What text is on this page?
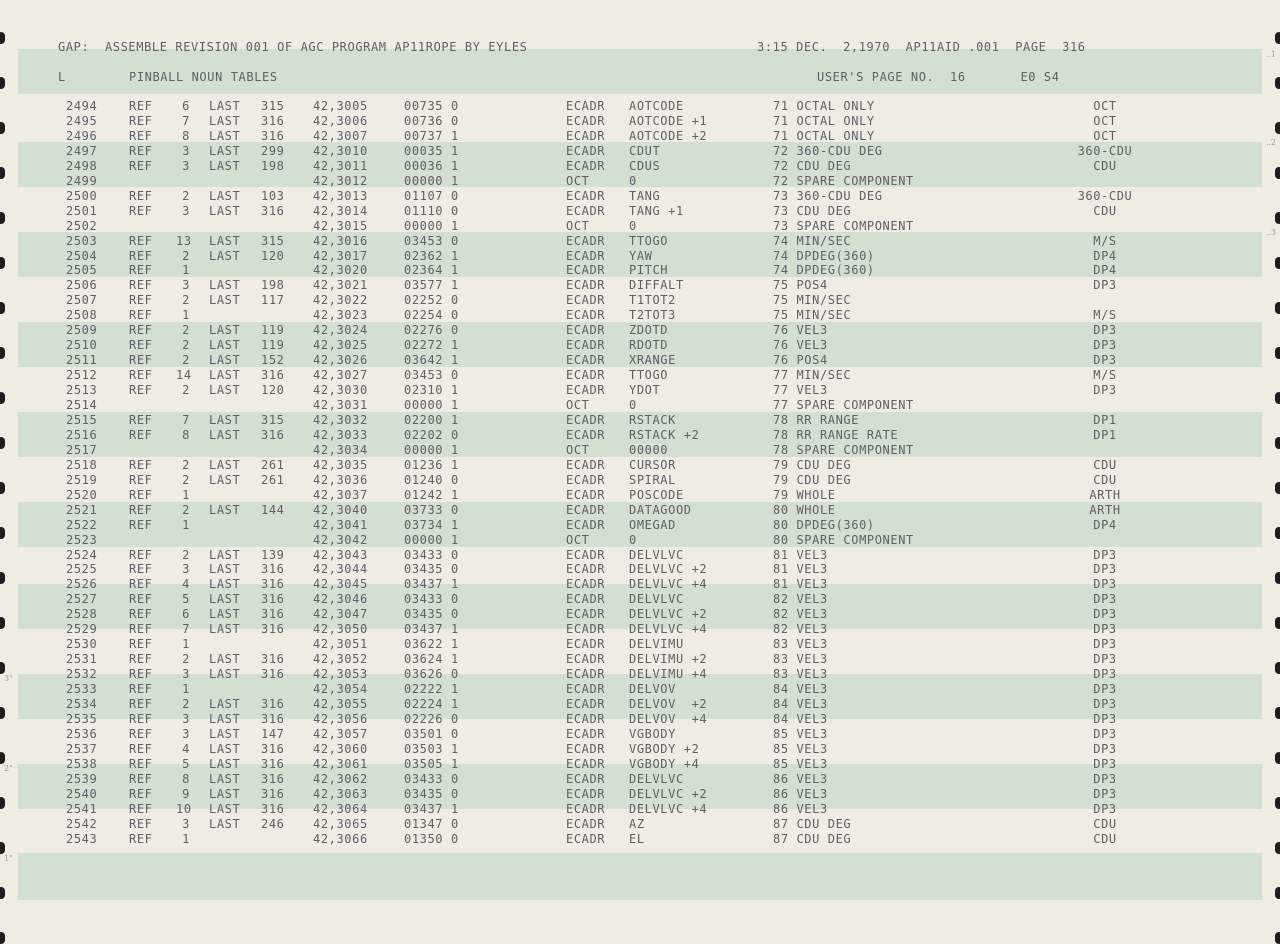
GAP:  ASSEMBLE REVISION 001 OF AGC PROGRAM AP11ROPE BY EYLES	3:15 DEC.  2,1970  AP11AID .001  PAGE  316
L	PINBALL NOUN TABLES	USER'S PAGE NO.  16       E0 S4
2494	REF	6 LAST 315 42,3005	00735 0	ECADR AOTCODE	71 OCTAL ONLY	OCT
2495	REF	7 LAST 316 42,3006	00736 0	ECADR AOTCODE +1	71 OCTAL ONLY	OCT
2496	REF	8 LAST 316 42,3007	00737 1	ECADR AOTCODE +2	71 OCTAL ONLY	OCT
2497	REF	3 LAST 299 42,3010	00035 1	ECADR CDUT	72 360-CDU DEG	360-CDU
2498	REF	3 LAST 198 42,3011	00036 1	ECADR CDUS	72 CDU DEG	CDU
2499	42,3012	00000 1	OCT	0	72 SPARE COMPONENT
2500	REF	2 LAST 103 42,3013	01107 0	ECADR TANG	73 360-CDU DEG	360-CDU
2501	REF	3 LAST 316 42,3014	01110 0	ECADR TANG +1	73 CDU DEG	CDU
2502	42,3015	00000 1	OCT	0	73 SPARE COMPONENT
2503	REF 13 LAST 315 42,3016	03453 0	ECADR TTOGO	74 MIN/SEC	M/S
2504	REF	2 LAST 120 42,3017	02362 1	ECADR YAW	74 DPDEG(360)	DP4
2505	REF	1	42,3020	02364 1	ECADR PITCH	74 DPDEG(360)	DP4
2506	REF	3 LAST 198 42,3021	03577 1	ECADR DIFFALT	75 POS4	DP3
2507	REF	2 LAST 117 42,3022	02252 0	ECADR T1TOT2	75 MIN/SEC
2508	REF	1	42,3023	02254 0	ECADR T2TOT3	75 MIN/SEC	M/S
2509	REF	2 LAST 119 42,3024	02276 0	ECADR ZDOTD	76 VEL3	DP3
2510	REF	2 LAST 119 42,3025	02272 1	ECADR RDOTD	76 VEL3	DP3
2511	REF	2 LAST 152 42,3026	03642 1	ECADR XRANGE	76 POS4	DP3
2512	REF 14 LAST 316 42,3027	03453 0	ECADR TTOGO	77 MIN/SEC	M/S
2513	REF	2 LAST 120 42,3030	02310 1	ECADR YDOT	77 VEL3	DP3
2514	42,3031	00000 1	OCT	0	77 SPARE COMPONENT
2515	REF	7 LAST 315 42,3032	02200 1	ECADR RSTACK	78 RR RANGE	DP1
2516	REF	8 LAST 316 42,3033	02202 0	ECADR RSTACK +2	78 RR RANGE RATE	DP1
2517	42,3034	00000 1	OCT	00000	78 SPARE COMPONENT
2518	REF	2 LAST 261 42,3035	01236 1	ECADR CURSOR	79 CDU DEG	CDU
2519	REF	2 LAST 261 42,3036	01240 0	ECADR SPIRAL	79 CDU DEG	CDU
2520	REF	1	42,3037	01242 1	ECADR POSCODE	79 WHOLE	ARTH
2521	REF	2 LAST 144 42,3040	03733 0	ECADR DATAGOOD	80 WHOLE	ARTH
2522	REF	1	42,3041	03734 1	ECADR OMEGAD	80 DPDEG(360)	DP4
2523	42,3042	00000 1	OCT	0	80 SPARE COMPONENT
2524	REF	2 LAST 139 42,3043	03433 0	ECADR DELVLVC	81 VEL3	DP3
2525	REF	3 LAST 316 42,3044	03435 0	ECADR DELVLVC +2	81 VEL3	DP3
2526	REF	4 LAST 316 42,3045	03437 1	ECADR DELVLVC +4	81 VEL3	DP3
2527	REF	5 LAST 316 42,3046	03433 0	ECADR DELVLVC	82 VEL3	DP3
2528	REF	6 LAST 316 42,3047	03435 0	ECADR DELVLVC +2	82 VEL3	DP3
2529	REF	7 LAST 316 42,3050	03437 1	ECADR DELVLVC +4	82 VEL3	DP3
2530	REF	1	42,3051	03622 1	ECADR DELVIMU	83 VEL3	DP3
2531	REF	2 LAST 316 42,3052	03624 1	ECADR DELVIMU +2	83 VEL3	DP3
2532	REF	3 LAST 316 42,3053	03626 0	ECADR DELVIMU +4	83 VEL3	DP3
2533	REF	1	42,3054	02222 1	ECADR DELVOV	84 VEL3	DP3
2534	REF	2 LAST 316 42,3055	02224 1	ECADR DELVOV  +2	84 VEL3	DP3
2535	REF	3 LAST 316 42,3056	02226 0	ECADR DELVOV  +4	84 VEL3	DP3
2536	REF	3 LAST 147 42,3057	03501 0	ECADR VGBODY	85 VEL3	DP3
2537	REF	4 LAST 316 42,3060	03503 1	ECADR VGBODY +2	85 VEL3	DP3
2538	REF	5 LAST 316 42,3061	03505 1	ECADR VGBODY +4	85 VEL3	DP3
2539	REF	8 LAST 316 42,3062	03433 0	ECADR DELVLVC	86 VEL3	DP3
2540	REF	9 LAST 316 42,3063	03435 0	ECADR DELVLVC +2	86 VEL3	DP3
2541	REF 10 LAST 316 42,3064	03437 1	ECADR DELVLVC +4	86 VEL3	DP3
2542	REF	3 LAST 246 42,3065	01347 0	ECADR AZ	87 CDU DEG	CDU
2543	REF	1	42,3066	01350 0	ECADR EL	87 CDU DEG	CDU
..1
..2
..3
3"
2"
1"
